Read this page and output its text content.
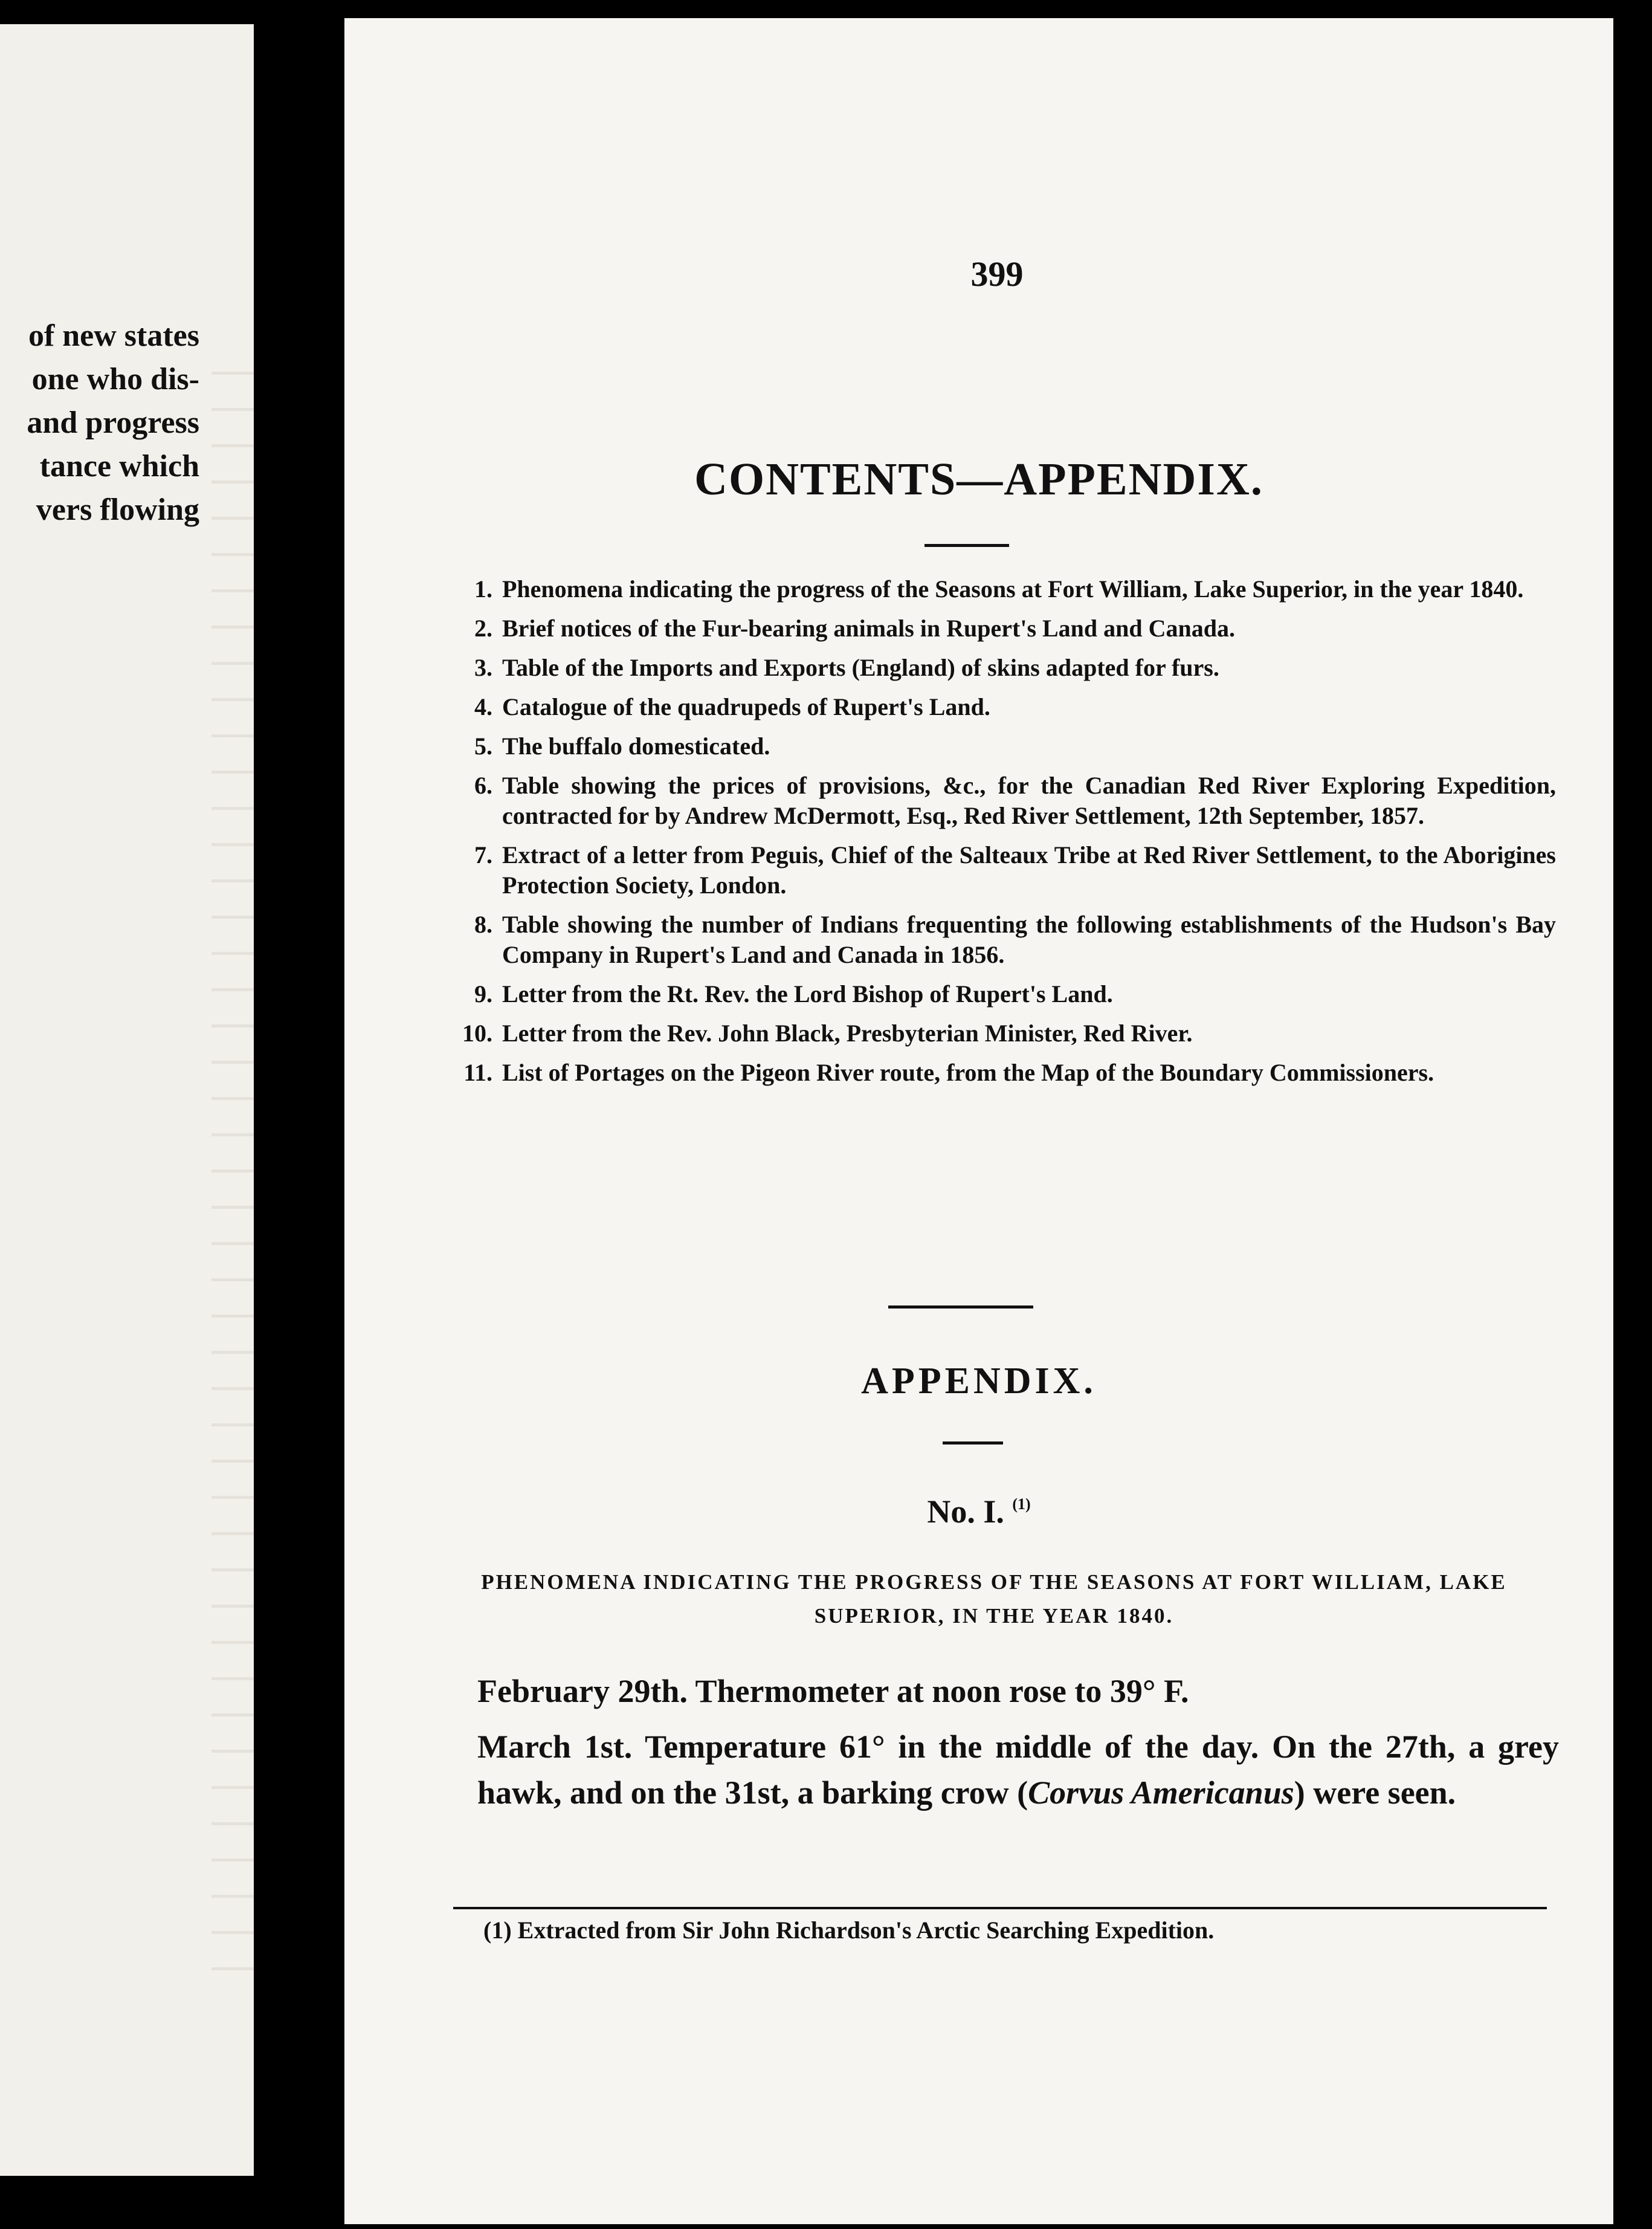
of new states
one who dis-
and progress
tance which
vers flowing
399
CONTENTS—APPENDIX.
1. Phenomena indicating the progress of the Seasons at Fort William, Lake Superior, in the year 1840.
2. Brief notices of the Fur-bearing animals in Rupert's Land and Canada.
3. Table of the Imports and Exports (England) of skins adapted for furs.
4. Catalogue of the quadrupeds of Rupert's Land.
5. The buffalo domesticated.
6. Table showing the prices of provisions, &c., for the Canadian Red River Exploring Expedition, contracted for by Andrew McDermott, Esq., Red River Settlement, 12th September, 1857.
7. Extract of a letter from Peguis, Chief of the Salteaux Tribe at Red River Settlement, to the Aborigines Protection Society, London.
8. Table showing the number of Indians frequenting the following establishments of the Hudson's Bay Company in Rupert's Land and Canada in 1856.
9. Letter from the Rt. Rev. the Lord Bishop of Rupert's Land.
10. Letter from the Rev. John Black, Presbyterian Minister, Red River.
11. List of Portages on the Pigeon River route, from the Map of the Boundary Commissioners.
APPENDIX.
No. I. $^{(1)}$
PHENOMENA INDICATING THE PROGRESS OF THE SEASONS AT FORT WILLIAM, LAKE SUPERIOR, IN THE YEAR 1840.

February 29th. Thermometer at noon rose to 39° F.

March 1st. Temperature 61° in the middle of the day. On the 27th, a grey hawk, and on the 31st, a barking crow (Corvus Americanus) were seen.

(1) Extracted from Sir John Richardson's Arctic Searching Expedition.
